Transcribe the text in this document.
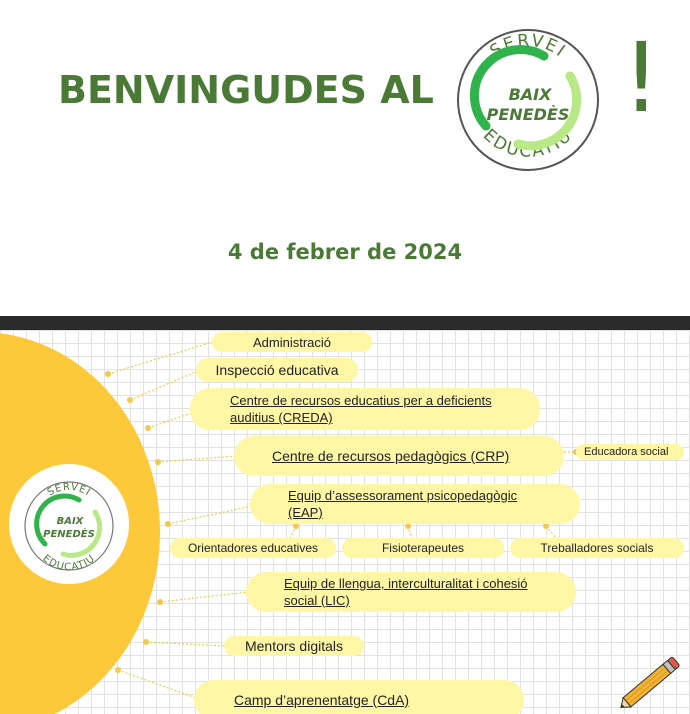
BENVINGUDES AL
SERVEI
EDUCATIU
BAIX
PENEDÈS !
4 de febrer de 2024
SERVEI
EDUCATIU
BAIX
PENEDÈS
Administració
Inspecció educativa
Centre de recursos educatius per a deficients
auditius (CREDA)
Centre de recursos pedagògics (CRP)	Educadora social
Equip d’assessorament psicopedagògic
(EAP)
Orientadores educatives	Fisioterapeutes	Treballadores socials
Equip de llengua, interculturalitat i cohesió
social (LIC)
Mentors digitals
Camp d’aprenentatge (CdA)
